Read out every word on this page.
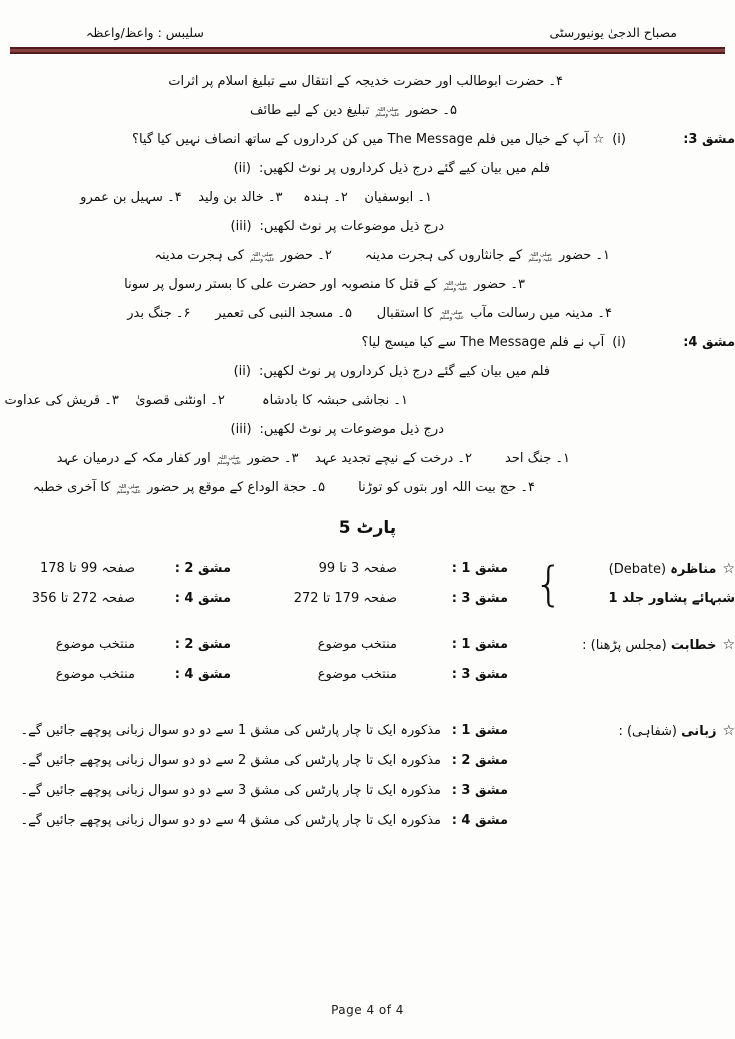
مصباح الدجیٰ یونیورسٹی
سلیبس : واعظ/واعظہ
۴۔ حضرت ابوطالب اور حضرت خدیجہ کے انتقال سے تبلیغ اسلام پر اثرات
۵۔ حضور صلی اللہ
علیہ وسلم تبلیغ دین کے لیے طائف
مشق 3:
(i)☆ آپ کے خیال میں فلم The Message میں کن کرداروں کے ساتھ انصاف نہیں کیا گیا؟
فلم میں بیان کیے گئے درج ذیل کرداروں پر نوٹ لکھیں:(ii)
۱۔ ابوسفیان    ۲۔ ہندہ     ۳۔ خالد بن ولید    ۴۔ سہیل بن عمرو
درج ذیل موضوعات پر نوٹ لکھیں:(iii)
۱۔ حضور صلی اللہ
علیہ وسلم کے جانثاروں کی ہجرت مدینہ        ۲۔ حضور صلی اللہ
علیہ وسلم کی ہجرت مدینہ
۳۔ حضور صلی اللہ
علیہ وسلم کے قتل کا منصوبہ اور حضرت علی کا بستر رسول پر سونا
۴۔ مدینہ میں رسالت مآب صلی اللہ
علیہ وسلم کا استقبال      ۵۔ مسجد النبی کی تعمیر      ۶۔ جنگ بدر
مشق 4:
(i)آپ نے فلم The Message سے کیا میسج لیا؟
فلم میں بیان کیے گئے درج ذیل کرداروں پر نوٹ لکھیں:(ii)
۱۔ نجاشی حبشہ کا بادشاہ         ۲۔ اونٹنی قصویٰ    ۳۔ قریش کی عداوت
درج ذیل موضوعات پر نوٹ لکھیں:(iii)
۱۔ جنگ احد        ۲۔ درخت کے نیچے تجدید عہد    ۳۔ حضور صلی اللہ
علیہ وسلم اور کفار مکہ کے درمیان عہد
۴۔ حج بیت اللہ اور بتوں کو توڑنا        ۵۔ حجة الوداع کے موقع پر حضور صلی اللہ
علیہ وسلم کا آخری خطبہ
پارٹ 5
☆مناظرہ (Debate)
شبہائے پشاور جلد 1
{
مشق 1 :
صفحہ 3 تا 99
مشق 2 :
صفحہ 99 تا 178
مشق 3 :
صفحہ 179 تا 272
مشق 4 :
صفحہ 272 تا 356
☆خطابت (مجلس پڑھنا) :
مشق 1 :
منتخب موضوع
مشق 2 :
منتخب موضوع
مشق 3 :
منتخب موضوع
مشق 4 :
منتخب موضوع
☆زبانی (شفاہی) :
مشق 1 :
مذکورہ ایک تا چار پارٹس کی مشق 1 سے دو دو سوال زبانی پوچھے جائیں گے۔
مشق 2 :
مذکورہ ایک تا چار پارٹس کی مشق 2 سے دو دو سوال زبانی پوچھے جائیں گے۔
مشق 3 :
مذکورہ ایک تا چار پارٹس کی مشق 3 سے دو دو سوال زبانی پوچھے جائیں گے۔
مشق 4 :
مذکورہ ایک تا چار پارٹس کی مشق 4 سے دو دو سوال زبانی پوچھے جائیں گے۔
Page 4 of 4
